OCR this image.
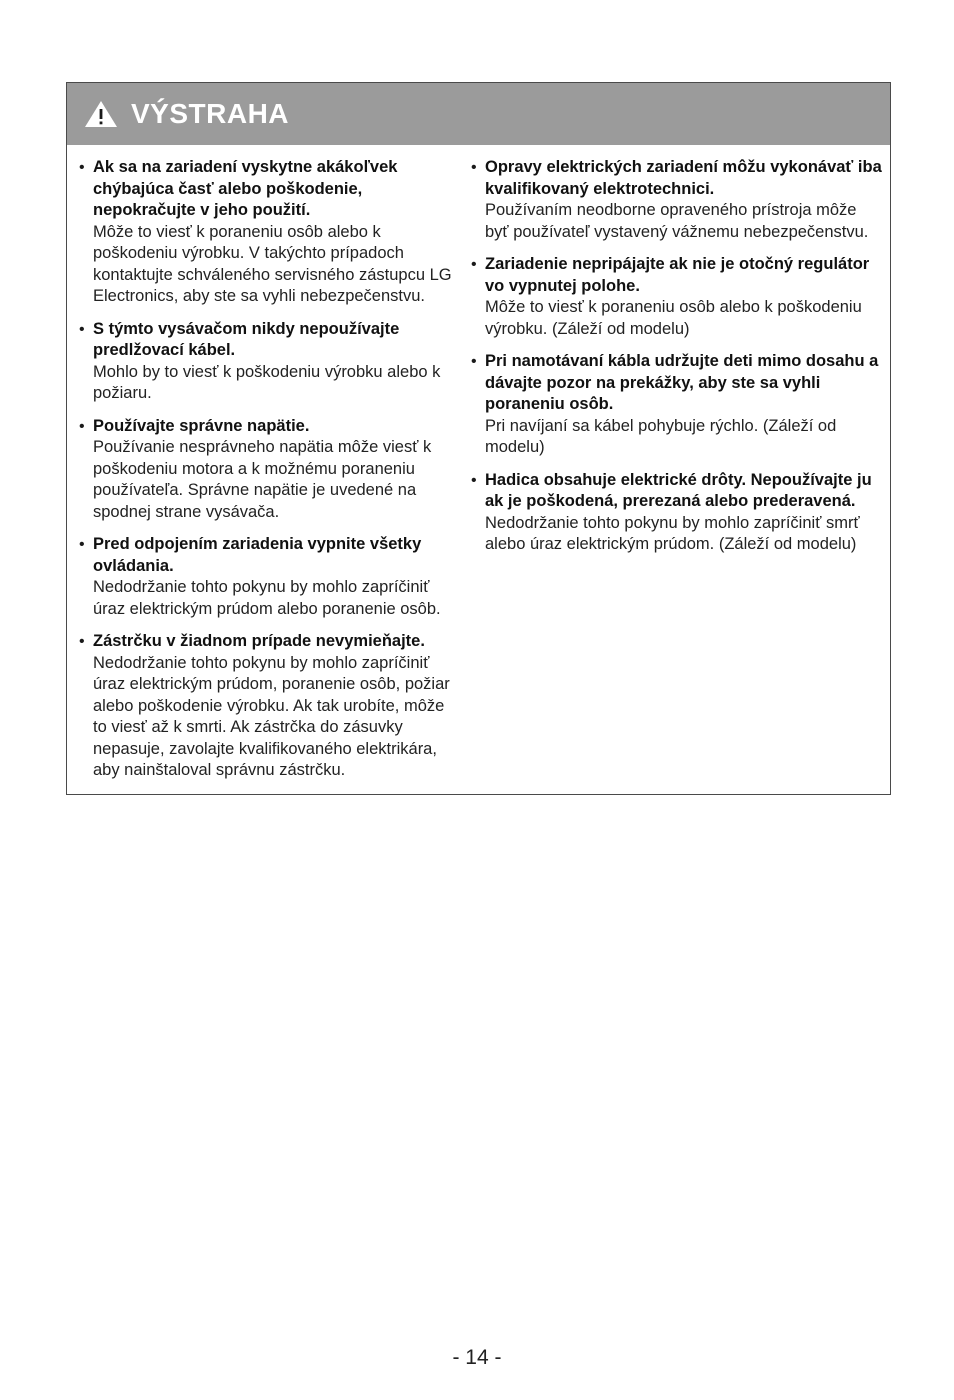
VÝSTRAHA
• Ak sa na zariadení vyskytne akákoľvek chýbajúca časť alebo poškodenie, nepokračujte v jeho použití.
Môže to viesť k poraneniu osôb alebo k poškodeniu výrobku. V takýchto prípadoch kontaktujte schváleného servisného zástupcu LG Electronics, aby ste sa vyhli nebezpečenstvu.
• S týmto vysávačom nikdy nepoužívajte predlžovací kábel.
Mohlo by to viesť k poškodeniu výrobku alebo k požiaru.
• Používajte správne napätie.
Používanie nesprávneho napätia môže viesť k poškodeniu motora a k možnému poraneniu používateľa. Správne napätie je uvedené na spodnej strane vysávača.
• Pred odpojením zariadenia vypnite všetky ovládania.
Nedodržanie tohto pokynu by mohlo zapríčiniť úraz elektrickým prúdom alebo poranenie osôb.
• Zástrčku v žiadnom prípade nevymieňajte.
Nedodržanie tohto pokynu by mohlo zapríčiniť úraz elektrickým prúdom, poranenie osôb, požiar alebo poškodenie výrobku. Ak tak urobíte, môže to viesť až k smrti. Ak zástrčka do zásuvky nepasuje, zavolajte kvalifikovaného elektrikára, aby nainštaloval správnu zástrčku.
• Opravy elektrických zariadení môžu vykonávať iba kvalifikovaný elektrotechnici.
Používaním neodborne opraveného prístroja môže byť používateľ vystavený vážnemu nebezpečenstvu.
• Zariadenie nepripájajte ak nie je otočný regulátor vo vypnutej polohe.
Môže to viesť k poraneniu osôb alebo k poškodeniu výrobku. (Záleží od modelu)
• Pri namotávaní kábla udržujte deti mimo dosahu a dávajte pozor na prekážky, aby ste sa vyhli poraneniu osôb.
Pri navíjaní sa kábel pohybuje rýchlo. (Záleží od modelu)
• Hadica obsahuje elektrické drôty. Nepoužívajte ju ak je poškodená, prerezaná alebo prederavená.
Nedodržanie tohto pokynu by mohlo zapríčiniť smrť alebo úraz elektrickým prúdom. (Záleží od modelu)
- 14 -
